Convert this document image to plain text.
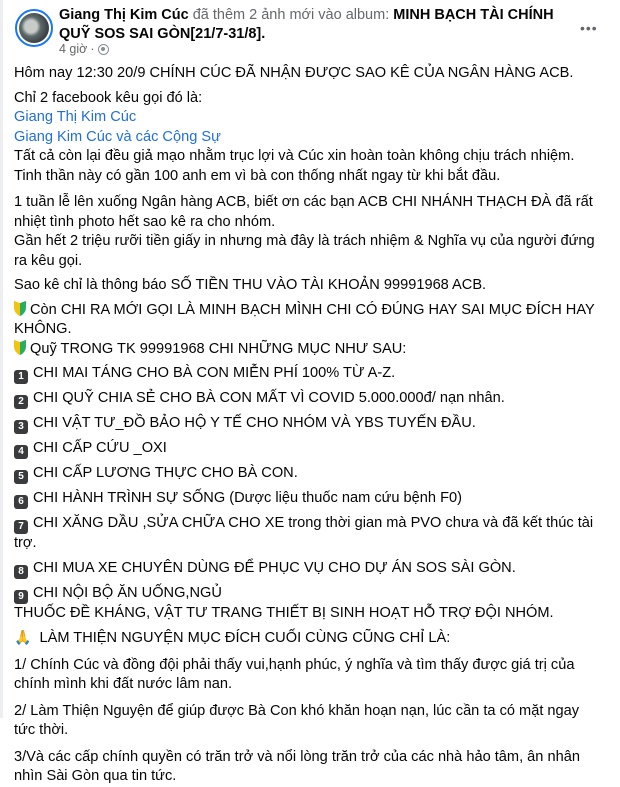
Giang Thị Kim Cúc đã thêm 2 ảnh mới vào album: MINH BẠCH TÀI CHÍNH QUỸ SOS SAI GÒN[21/7-31/8].
4 giờ ·
•••

Hôm nay 12:30 20/9 CHÍNH CÚC ĐÃ NHẬN ĐƯỢC SAO KÊ CỦA NGÂN HÀNG ACB.

Chỉ 2 facebook kêu gọi đó là:

Giang Thị Kim Cúc

Giang Kim Cúc và các Cộng Sự

Tất cả còn lại đều giả mạo nhằm trục lợi và Cúc xin hoàn toàn không chịu trách nhiệm.

Tinh thần này có gần 100 anh em vì bà con thống nhất ngay từ khi bắt đầu.

1 tuần lễ lên xuống Ngân hàng ACB, biết ơn các bạn ACB CHI NHÁNH THẠCH ĐÀ đã rất nhiệt tình photo hết sao kê ra cho nhóm.

Gần hết 2 triệu rưỡi tiền giấy in nhưng mà đây là trách nhiệm & Nghĩa vụ của người đứng ra kêu gọi.

Sao kê chỉ là thông báo SỐ TIỀN THU VÀO TÀI KHOẢN 99991968 ACB.

Còn CHI RA MỚI GỌI LÀ MINH BẠCH MÌNH CHI CÓ ĐÚNG HAY SAI MỤC ĐÍCH HAY KHÔNG.

Quỹ TRONG TK 99991968 CHI NHỮNG MỤC NHƯ SAU:

1 CHI MAI TÁNG CHO BÀ CON MIỄN PHÍ 100% TỪ A-Z.

2 CHI QUỸ CHIA SẺ CHO BÀ CON MẤT VÌ COVID 5.000.000đ/ nạn nhân.

3 CHI VẬT TƯ_ĐỒ BẢO HỘ Y TẾ CHO NHÓM VÀ YBS TUYẾN ĐẦU.

4 CHI CẤP CỨU _OXI

5 CHI CẤP LƯƠNG THỰC CHO BÀ CON.

6 CHI HÀNH TRÌNH SỰ SỐNG (Dược liệu thuốc nam cứu bệnh F0)

7 CHI XĂNG DẦU ,SỬA CHỮA CHO XE trong thời gian mà PVO chưa và đã kết thúc tài trợ.

8 CHI MUA XE CHUYÊN DÙNG ĐỂ PHỤC VỤ CHO DỰ ÁN SOS SÀI GÒN.

9 CHI NỘI BỘ ĂN UỐNG,NGỦ

THUỐC ĐỀ KHÁNG, VẬT TƯ TRANG THIẾT BỊ SINH HOẠT HỖ TRỢ ĐỘI NHÓM.

🙏 LÀM THIỆN NGUYỆN MỤC ĐÍCH CUỐI CÙNG CŨNG CHỈ LÀ:

1/ Chính Cúc và đồng đội phải thấy vui,hạnh phúc, ý nghĩa và tìm thấy được giá trị của chính mình khi đất nước lâm nan.

2/ Làm Thiện Nguyện để giúp được Bà Con khó khăn hoạn nạn, lúc cần ta có mặt ngay tức thời.

3/Và các cấp chính quyền có trăn trở và nổi lòng trăn trở của các nhà hảo tâm, ân nhân nhìn Sài Gòn qua tin tức.
